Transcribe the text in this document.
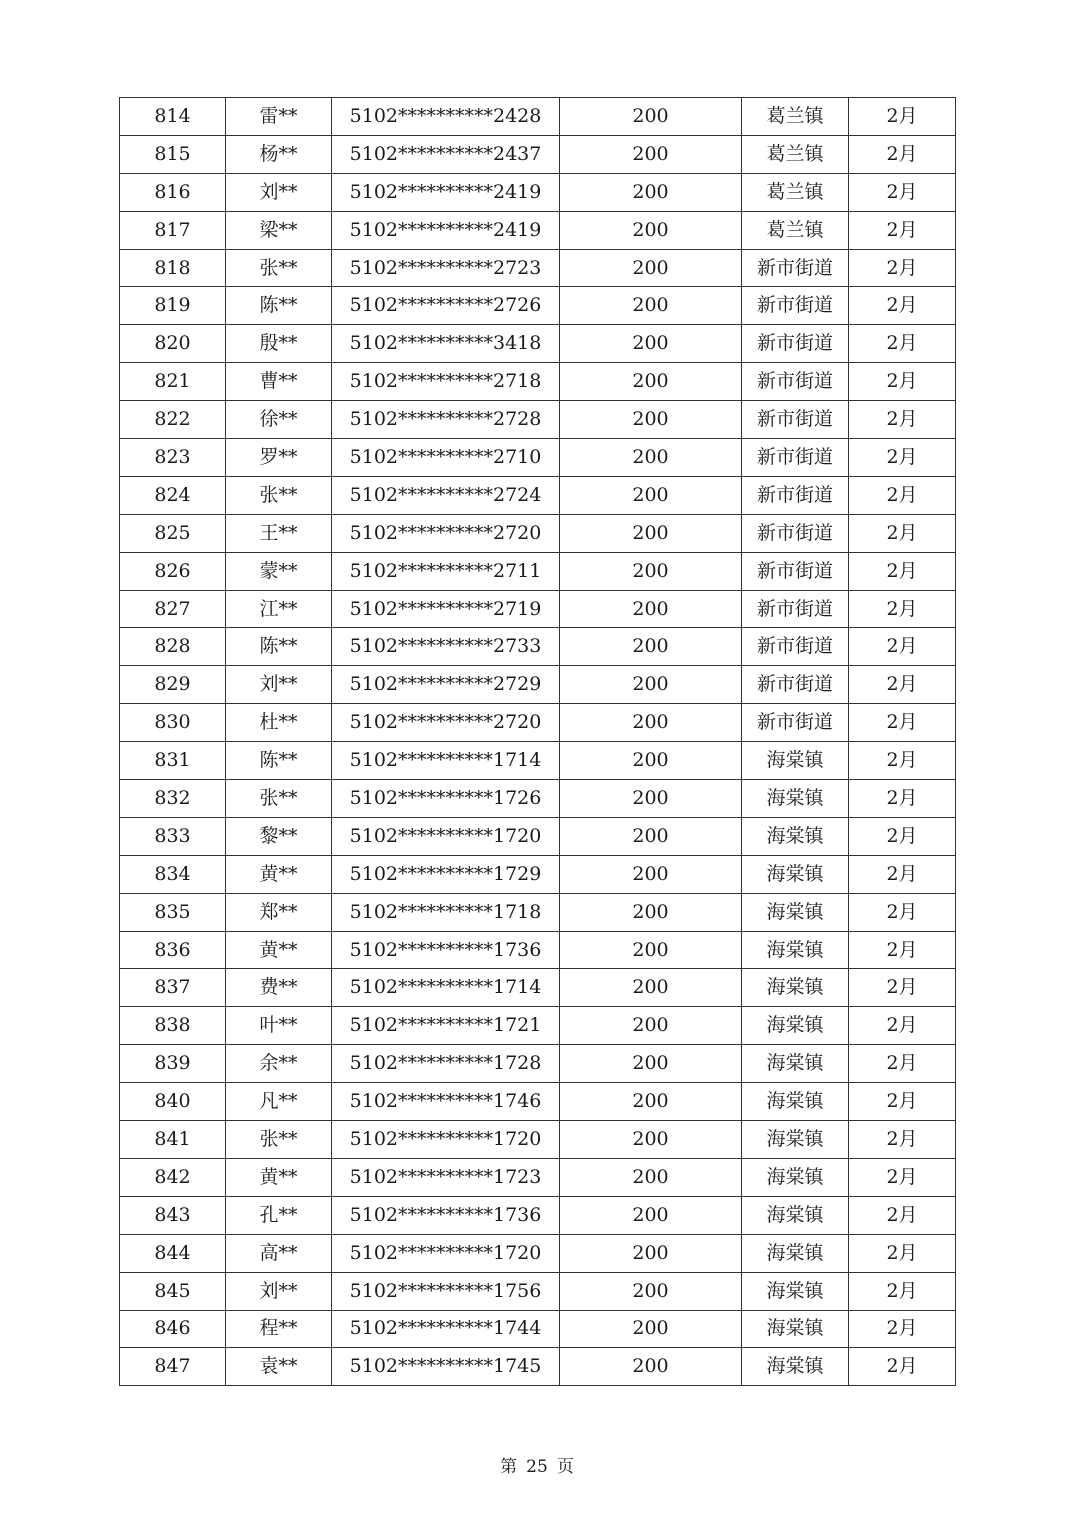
814	雷**	5102**********2428	200	葛兰镇	2月
815	杨**	5102**********2437	200	葛兰镇	2月
816	刘**	5102**********2419	200	葛兰镇	2月
817	梁**	5102**********2419	200	葛兰镇	2月
818	张**	5102**********2723	200	新市街道	2月
819	陈**	5102**********2726	200	新市街道	2月
820	殷**	5102**********3418	200	新市街道	2月
821	曹**	5102**********2718	200	新市街道	2月
822	徐**	5102**********2728	200	新市街道	2月
823	罗**	5102**********2710	200	新市街道	2月
824	张**	5102**********2724	200	新市街道	2月
825	王**	5102**********2720	200	新市街道	2月
826	蒙**	5102**********2711	200	新市街道	2月
827	江**	5102**********2719	200	新市街道	2月
828	陈**	5102**********2733	200	新市街道	2月
829	刘**	5102**********2729	200	新市街道	2月
830	杜**	5102**********2720	200	新市街道	2月
831	陈**	5102**********1714	200	海棠镇	2月
832	张**	5102**********1726	200	海棠镇	2月
833	黎**	5102**********1720	200	海棠镇	2月
834	黄**	5102**********1729	200	海棠镇	2月
835	郑**	5102**********1718	200	海棠镇	2月
836	黄**	5102**********1736	200	海棠镇	2月
837	费**	5102**********1714	200	海棠镇	2月
838	叶**	5102**********1721	200	海棠镇	2月
839	余**	5102**********1728	200	海棠镇	2月
840	凡**	5102**********1746	200	海棠镇	2月
841	张**	5102**********1720	200	海棠镇	2月
842	黄**	5102**********1723	200	海棠镇	2月
843	孔**	5102**********1736	200	海棠镇	2月
844	高**	5102**********1720	200	海棠镇	2月
845	刘**	5102**********1756	200	海棠镇	2月
846	程**	5102**********1744	200	海棠镇	2月
847	袁**	5102**********1745	200	海棠镇	2月
第 25 页
